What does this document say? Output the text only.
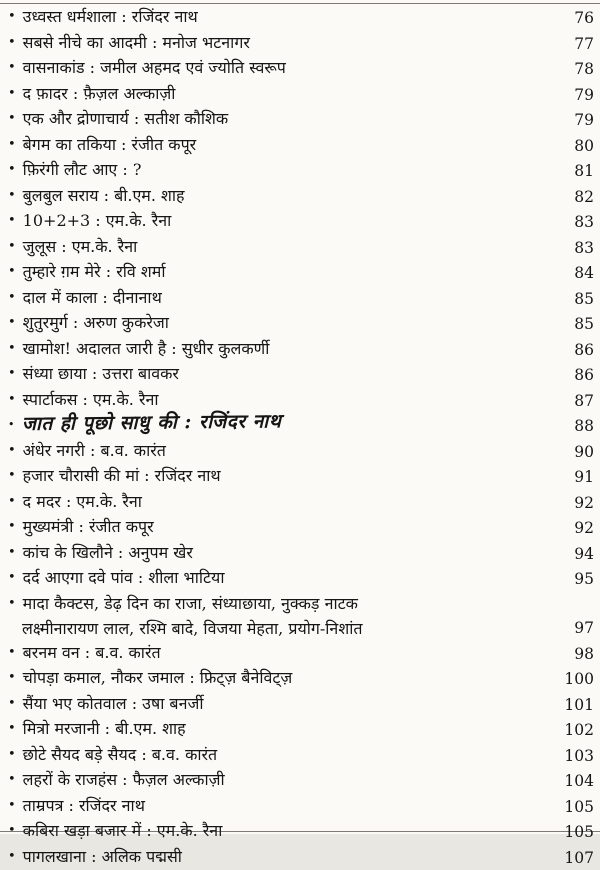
• उध्वस्त धर्मशाला : रजिंदर नाथ	76
• सबसे नीचे का आदमी : मनोज भटनागर	77
• वासनाकांड : जमील अहमद एवं ज्योति स्वरूप	78
• द फ़ादर : फ़ैज़ल अल्काज़ी	79
• एक और द्रोणाचार्य : सतीश कौशिक	79
• बेगम का तकिया : रंजीत कपूर	80
• फ़िरंगी लौट आए : ?	81
• बुलबुल सराय : बी.एम. शाह	82
• 10+2+3 : एम.के. रैना	83
• जुलूस : एम.के. रैना	83
• तुम्हारे ग़म मेरे : रवि शर्मा	84
• दाल में काला : दीनानाथ	85
• शुतुरमुर्ग : अरुण कुकरेजा	85
• खामोश! अदालत जारी है : सुधीर कुलकर्णी	86
• संध्या छाया : उत्तरा बावकर	86
• स्पार्टाकस : एम.के. रैना	87
• जात ही पूछो साधु की : रजिंदर नाथ	88
• अंधेर नगरी : ब.व. कारंत	90
• हजार चौरासी की मां : रजिंदर नाथ	91
• द मदर : एम.के. रैना	92
• मुख्यमंत्री : रंजीत कपूर	92
• कांच के खिलौने : अनुपम खेर	94
• दर्द आएगा दवे पांव : शीला भाटिया	95
• मादा कैक्टस, डेढ़ दिन का राजा, संध्याछाया, नुक्कड़ नाटक
लक्ष्मीनारायण लाल, रश्मि बादे, विजया मेहता, प्रयोग-निशांत	97
• बरनम वन : ब.व. कारंत	98
• चोपड़ा कमाल, नौकर जमाल : फ्रिट्ज़ बैनेविट्ज़	100
• सैंया भए कोतवाल : उषा बनर्जी	101
• मित्रो मरजानी : बी.एम. शाह	102
• छोटे सैयद बड़े सैयद : ब.व. कारंत	103
• लहरों के राजहंस : फैज़ल अल्काज़ी	104
• ताम्रपत्र : रजिंदर नाथ	105
• कबिरा खड़ा बजार में : एम.के. रैना	105
• पागलखाना : अलिक पद्मसी	107
